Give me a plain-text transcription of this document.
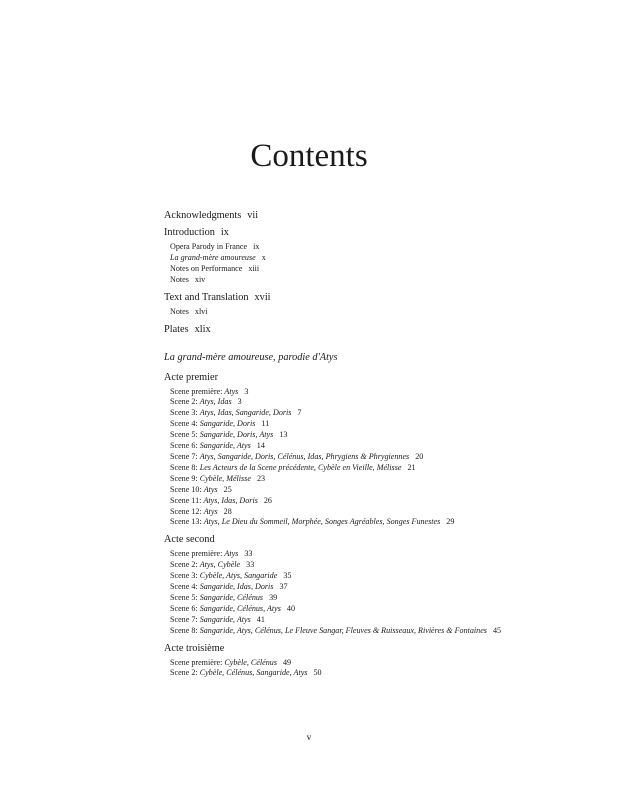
Contents
Acknowledgments vii
Introduction ix
Opera Parody in France ix
La grand-mère amoureuse x
Notes on Performance xiii
Notes xiv
Text and Translation xvii
Notes xlvi
Plates xlix
La grand-mère amoureuse, parodie d'Atys
Acte premier
Scene première: Atys 3
Scene 2: Atys, Idas 3
Scene 3: Atys, Idas, Sangaride, Doris 7
Scene 4: Sangaride, Doris 11
Scene 5: Sangaride, Doris, Atys 13
Scene 6: Sangaride, Atys 14
Scene 7: Atys, Sangaride, Doris, Célénus, Idas, Phrygiens & Phrygiennes 20
Scene 8: Les Acteurs de la Scene précédente, Cybèle en Vieille, Mélisse 21
Scene 9: Cybèle, Mélisse 23
Scene 10: Atys 25
Scene 11: Atys, Idas, Doris 26
Scene 12: Atys 28
Scene 13: Atys, Le Dieu du Sommeil, Morphée, Songes Agréables, Songes Funestes 29
Acte second
Scene première: Atys 33
Scene 2: Atys, Cybèle 33
Scene 3: Cybèle, Atys, Sangaride 35
Scene 4: Sangaride, Idas, Doris 37
Scene 5: Sangaride, Célénus 39
Scene 6: Sangaride, Célénus, Atys 40
Scene 7: Sangaride, Atys 41
Scene 8: Sangaride, Atys, Célénus, Le Fleuve Sangar, Fleuves & Ruisseaux, Rivières & Fontaines 45
Acte troisième
Scene première: Cybèle, Célénus 49
Scene 2: Cybèle, Célénus, Sangaride, Atys 50
v
